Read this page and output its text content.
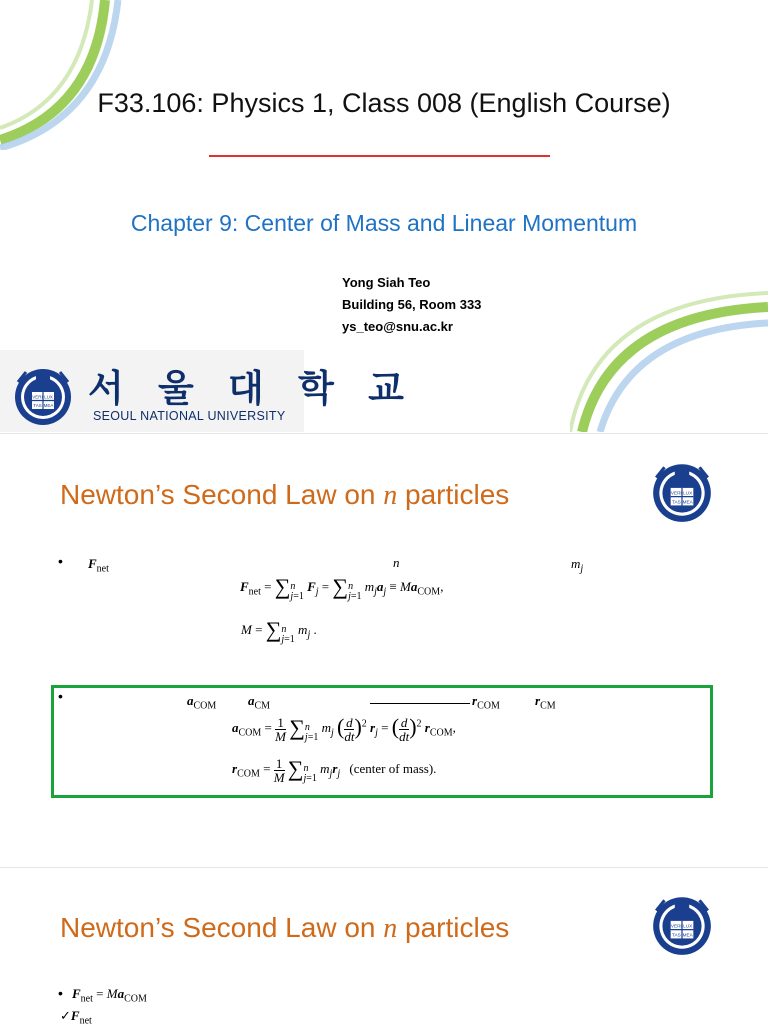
F33.106: Physics 1, Class 008 (English Course)
Chapter 9: Center of Mass and Linear Momentum
Yong Siah Teo
Building 56, Room 333
ys_teo@snu.ac.kr
VERI LUX
TAS MEA 서 울 대 학 교
SEOUL NATIONAL UNIVERSITY
Newton’s Second Law on n particles	VERI LUX
TAS MEA
• $F_{net}$	n	$m_j$
$F_{net} = \sum n$
j=1 $F_j = \sum n$
j=1 $m_ja_j \equiv Ma_{COM}$,
M = ∑n
j=1 $m_j$ .
•	$a_{COM}$ $a_{CM}$	$r_{COM}$	$r_{CM}$
$a_{COM} = \frac{1}{M} \sum n$
j=1 $m_j$ ( $\frac{d}{dt})^2$ $r_j$ = ( $\frac{d}{dt})^2$ $r_{COM}$,
$r_{COM} = \frac{1}{M} \sum n$
j=1 $m_jr_j$ (center of mass).
Newton’s Second Law on n particles	VERI LUX
TAS MEA
• $F_{net} = Ma_{COM}$
$✓F_{net}$
